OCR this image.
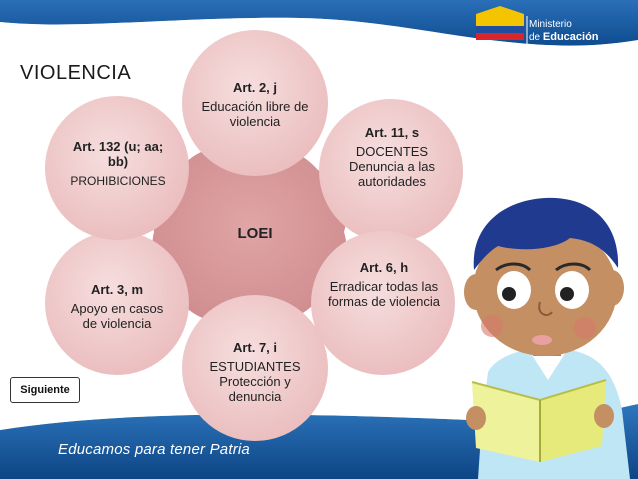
VIOLENCIA
Ministerio
de Educación
LOEI
Art. 2, j
Educación libre de violencia
Art. 11, s
DOCENTES Denuncia a las autoridades
Art. 6, h
Erradicar todas las formas de violencia
Art. 7, i
ESTUDIANTES Protección y denuncia
Art. 3, m
Apoyo en casos de violencia
Art. 132 (u; aa; bb)
PROHIBICIONES
Siguiente
Educamos para tener Patria
